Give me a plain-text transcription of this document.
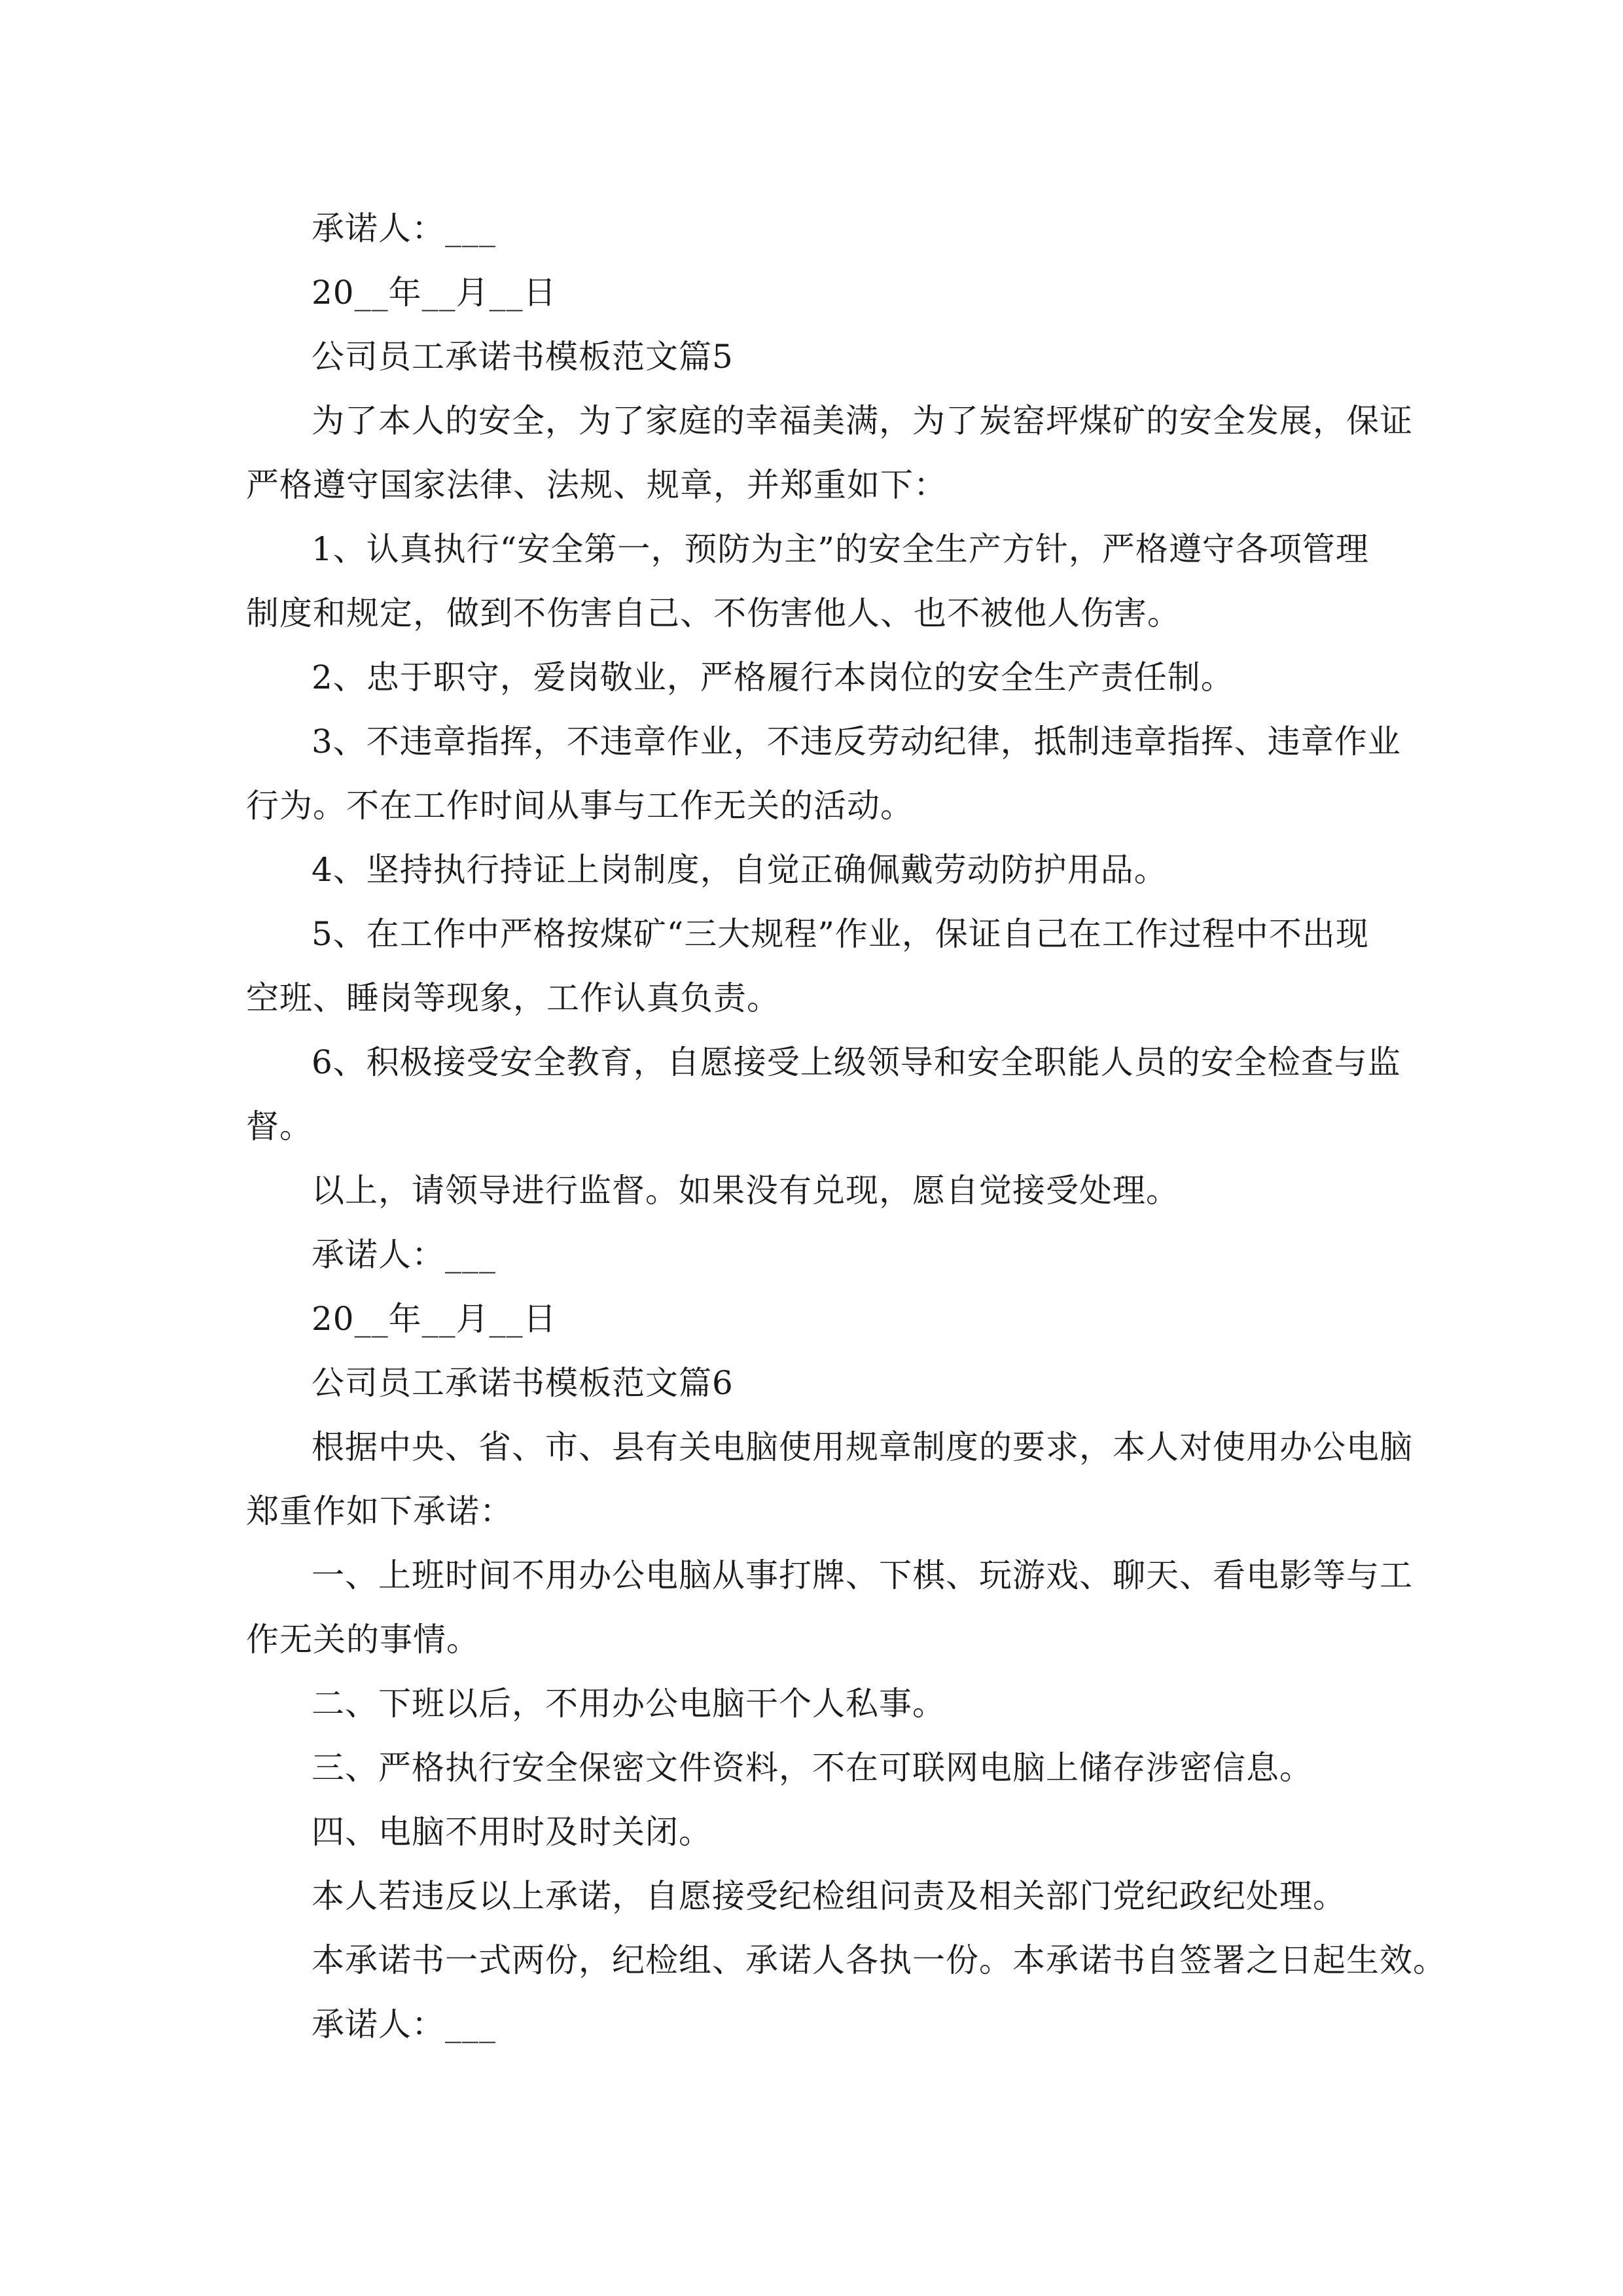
承诺人：___

20__年__月__日

公司员工承诺书模板范文篇5

为了本人的安全，为了家庭的幸福美满，为了炭窑坪煤矿的安全发展，保证

严格遵守国家法律、法规、规章，并郑重如下：

1、认真执行“安全第一，预防为主”的安全生产方针，严格遵守各项管理

制度和规定，做到不伤害自己、不伤害他人、也不被他人伤害。

2、忠于职守，爱岗敬业，严格履行本岗位的安全生产责任制。

3、不违章指挥，不违章作业，不违反劳动纪律，抵制违章指挥、违章作业

行为。不在工作时间从事与工作无关的活动。

4、坚持执行持证上岗制度，自觉正确佩戴劳动防护用品。

5、在工作中严格按煤矿“三大规程”作业，保证自己在工作过程中不出现

空班、睡岗等现象，工作认真负责。

6、积极接受安全教育，自愿接受上级领导和安全职能人员的安全检查与监

督。

以上，请领导进行监督。如果没有兑现，愿自觉接受处理。

承诺人：___

20__年__月__日

公司员工承诺书模板范文篇6

根据中央、省、市、县有关电脑使用规章制度的要求，本人对使用办公电脑

郑重作如下承诺：

一、上班时间不用办公电脑从事打牌、下棋、玩游戏、聊天、看电影等与工

作无关的事情。

二、下班以后，不用办公电脑干个人私事。

三、严格执行安全保密文件资料，不在可联网电脑上储存涉密信息。

四、电脑不用时及时关闭。

本人若违反以上承诺，自愿接受纪检组问责及相关部门党纪政纪处理。

本承诺书一式两份，纪检组、承诺人各执一份。本承诺书自签署之日起生效。

承诺人：___
